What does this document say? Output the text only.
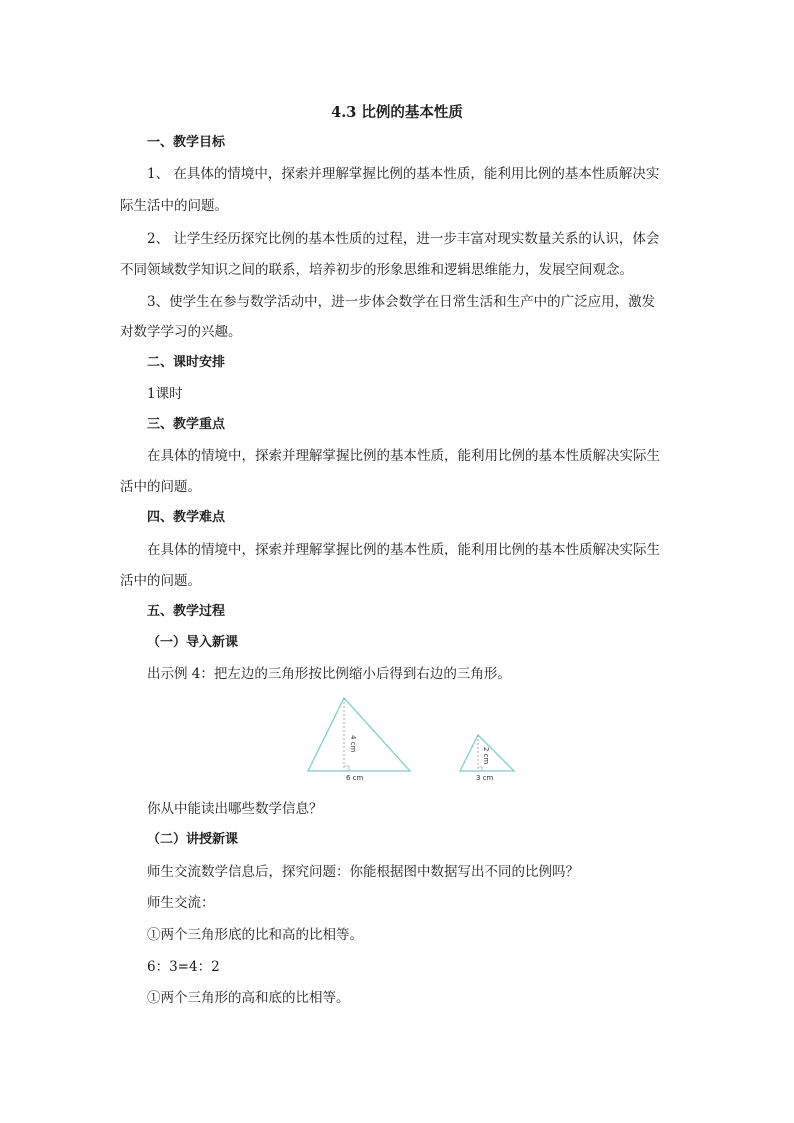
4.3 比例的基本性质
一、教学目标
1、 在具体的情境中，探索并理解掌握比例的基本性质，能利用比例的基本性质解决实
际生活中的问题。
2、 让学生经历探究比例的基本性质的过程，进一步丰富对现实数量关系的认识，体会
不同领域数学知识之间的联系，培养初步的形象思维和逻辑思维能力，发展空间观念。
3、使学生在参与数学活动中，进一步体会数学在日常生活和生产中的广泛应用，激发
对数学学习的兴趣。
二、课时安排
1课时
三、教学重点
在具体的情境中，探索并理解掌握比例的基本性质，能利用比例的基本性质解决实际生
活中的问题。
四、教学难点
在具体的情境中，探索并理解掌握比例的基本性质，能利用比例的基本性质解决实际生
活中的问题。
五、教学过程
（一）导入新课
出示例 4：把左边的三角形按比例缩小后得到右边的三角形。
4 cm
6 cm
2 cm
3 cm
你从中能读出哪些数学信息？
（二）讲授新课
师生交流数学信息后，探究问题：你能根据图中数据写出不同的比例吗？
师生交流：
①两个三角形底的比和高的比相等。
6：3=4：2
①两个三角形的高和底的比相等。
